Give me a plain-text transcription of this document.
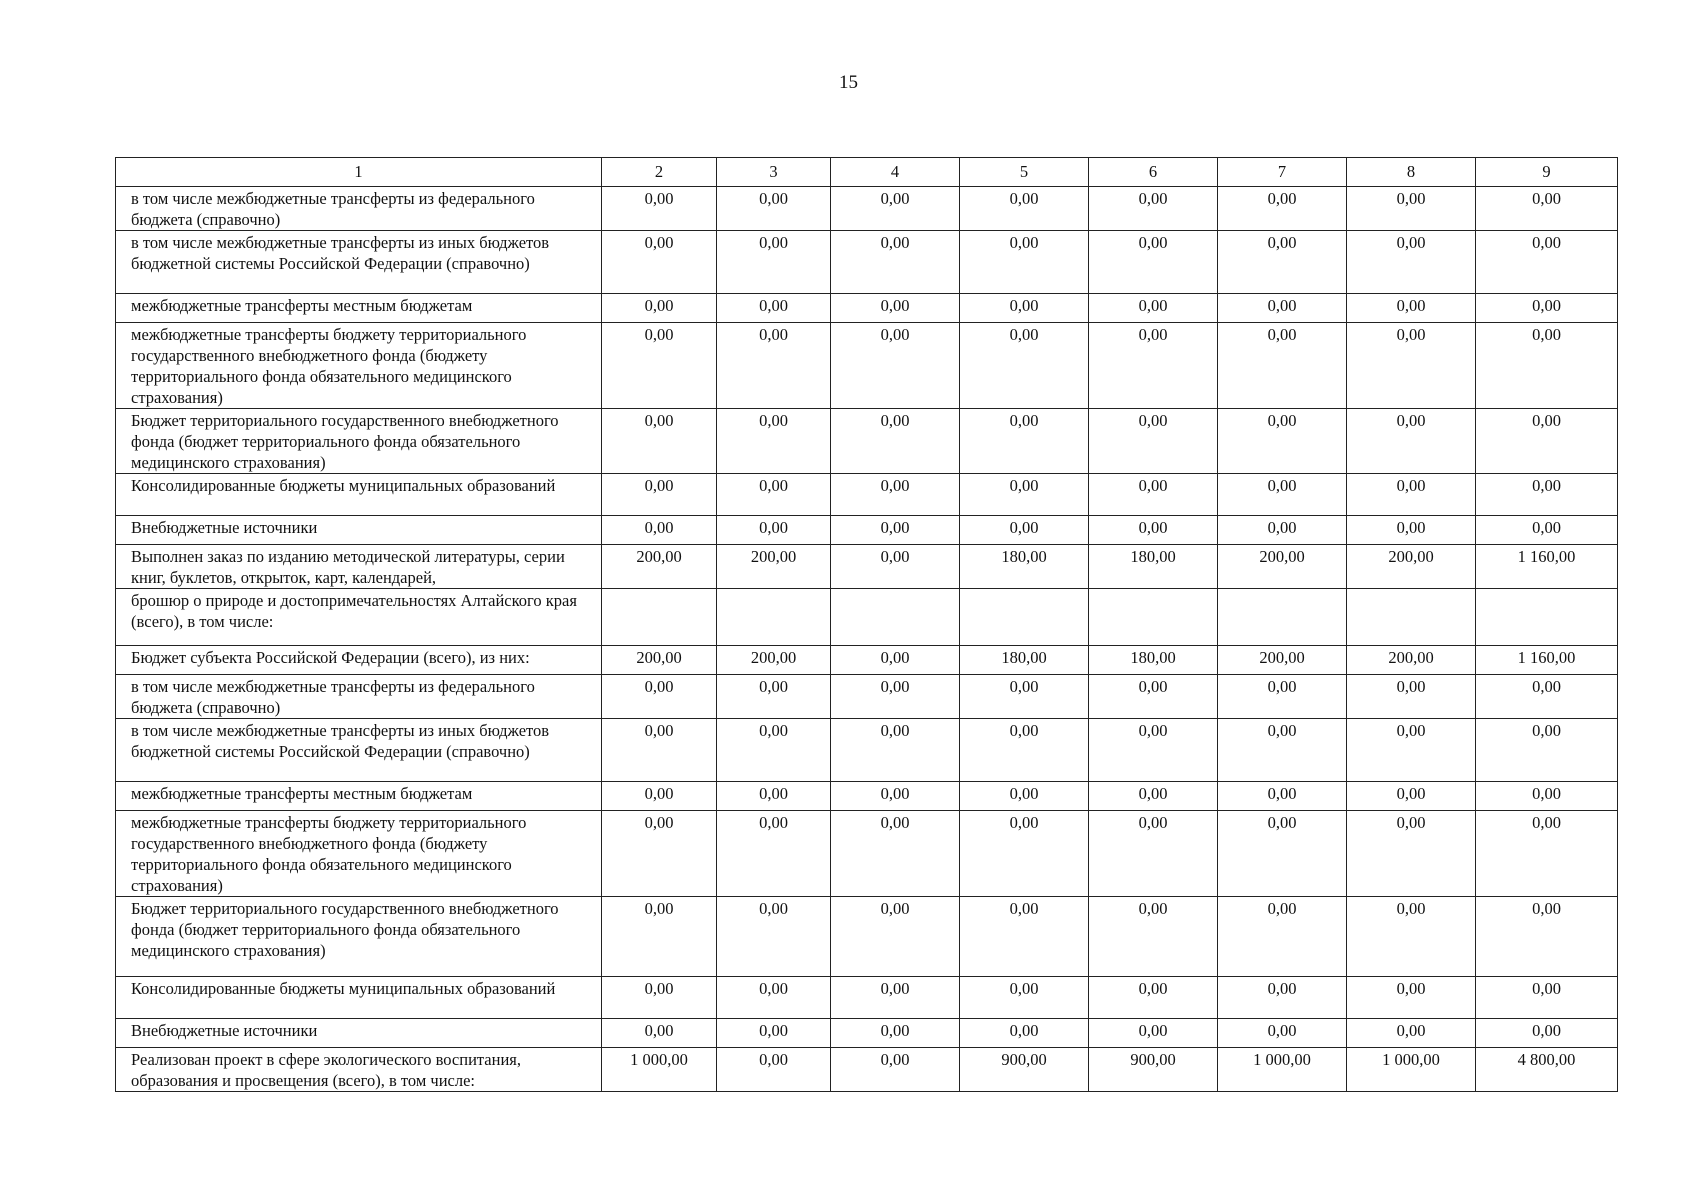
15
1	2	3	4	5	6	7	8	9
в том числе межбюджетные трансферты из федерального бюджета (справочно)	0,00	0,00	0,00	0,00	0,00	0,00	0,00	0,00
в том числе межбюджетные трансферты из иных бюджетов бюджетной системы Российской Федерации (справочно)	0,00	0,00	0,00	0,00	0,00	0,00	0,00	0,00
межбюджетные трансферты местным бюджетам	0,00	0,00	0,00	0,00	0,00	0,00	0,00	0,00
межбюджетные трансферты бюджету территориального государственного внебюджетного фонда (бюджету территориального фонда обязательного медицинского страхования)	0,00	0,00	0,00	0,00	0,00	0,00	0,00	0,00
Бюджет территориального государственного внебюджетного фонда (бюджет территориального фонда обязательного медицинского страхования)	0,00	0,00	0,00	0,00	0,00	0,00	0,00	0,00
Консолидированные бюджеты муниципальных образований	0,00	0,00	0,00	0,00	0,00	0,00	0,00	0,00
Внебюджетные источники	0,00	0,00	0,00	0,00	0,00	0,00	0,00	0,00
Выполнен заказ по изданию методической литературы, серии книг, буклетов, открыток, карт, календарей,	200,00	200,00	0,00	180,00	180,00	200,00	200,00	1 160,00
брошюр о природе и достопримечательностях Алтайского края (всего), в том числе:								
Бюджет субъекта Российской Федерации (всего), из них:	200,00	200,00	0,00	180,00	180,00	200,00	200,00	1 160,00
в том числе межбюджетные трансферты из федерального бюджета (справочно)	0,00	0,00	0,00	0,00	0,00	0,00	0,00	0,00
в том числе межбюджетные трансферты из иных бюджетов бюджетной системы Российской Федерации (справочно)	0,00	0,00	0,00	0,00	0,00	0,00	0,00	0,00
межбюджетные трансферты местным бюджетам	0,00	0,00	0,00	0,00	0,00	0,00	0,00	0,00
межбюджетные трансферты бюджету территориального государственного внебюджетного фонда (бюджету территориального фонда обязательного медицинского страхования)	0,00	0,00	0,00	0,00	0,00	0,00	0,00	0,00
Бюджет территориального государственного внебюджетного фонда (бюджет территориального фонда обязательного медицинского страхования)	0,00	0,00	0,00	0,00	0,00	0,00	0,00	0,00
Консолидированные бюджеты муниципальных образований	0,00	0,00	0,00	0,00	0,00	0,00	0,00	0,00
Внебюджетные источники	0,00	0,00	0,00	0,00	0,00	0,00	0,00	0,00
Реализован проект в сфере экологического воспитания, образования и просвещения (всего), в том числе:	1 000,00	0,00	0,00	900,00	900,00	1 000,00	1 000,00	4 800,00
